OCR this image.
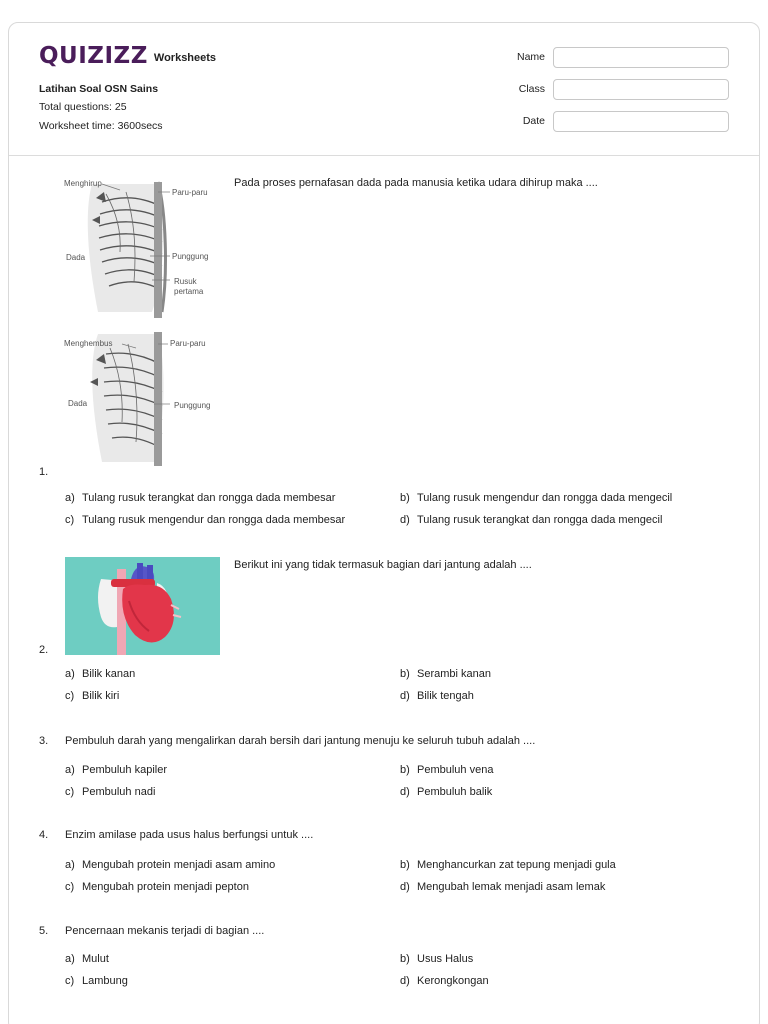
QUIZIZZ Worksheets
Latihan Soal OSN Sains
Total questions: 25
Worksheet time: 3600secs
Name
Class
Date
Menghirup
Paru-paru
Dada	Punggung
Rusuk
pertama
Menghembus	Paru-paru
Dada	Punggung
Pada proses pernafasan dada pada manusia ketika udara dihirup maka ....
1.
a) Tulang rusuk terangkat dan rongga dada membesar	b) Tulang rusuk mengendur dan rongga dada mengecil
c) Tulang rusuk mengendur dan rongga dada membesar	d) Tulang rusuk terangkat dan rongga dada mengecil
Berikut ini yang tidak termasuk bagian dari jantung adalah ....
2.
a) Bilik kanan	b) Serambi kanan
c) Bilik kiri	d) Bilik tengah
3. Pembuluh darah yang mengalirkan darah bersih dari jantung menuju ke seluruh tubuh adalah ....
a) Pembuluh kapiler	b) Pembuluh vena
c) Pembuluh nadi	d) Pembuluh balik
4. Enzim amilase pada usus halus berfungsi untuk ....
a) Mengubah protein menjadi asam amino	b) Menghancurkan zat tepung menjadi gula
c) Mengubah protein menjadi pepton	d) Mengubah lemak menjadi asam lemak
5. Pencernaan mekanis terjadi di bagian ....
a) Mulut	b) Usus Halus
c) Lambung	d) Kerongkongan
